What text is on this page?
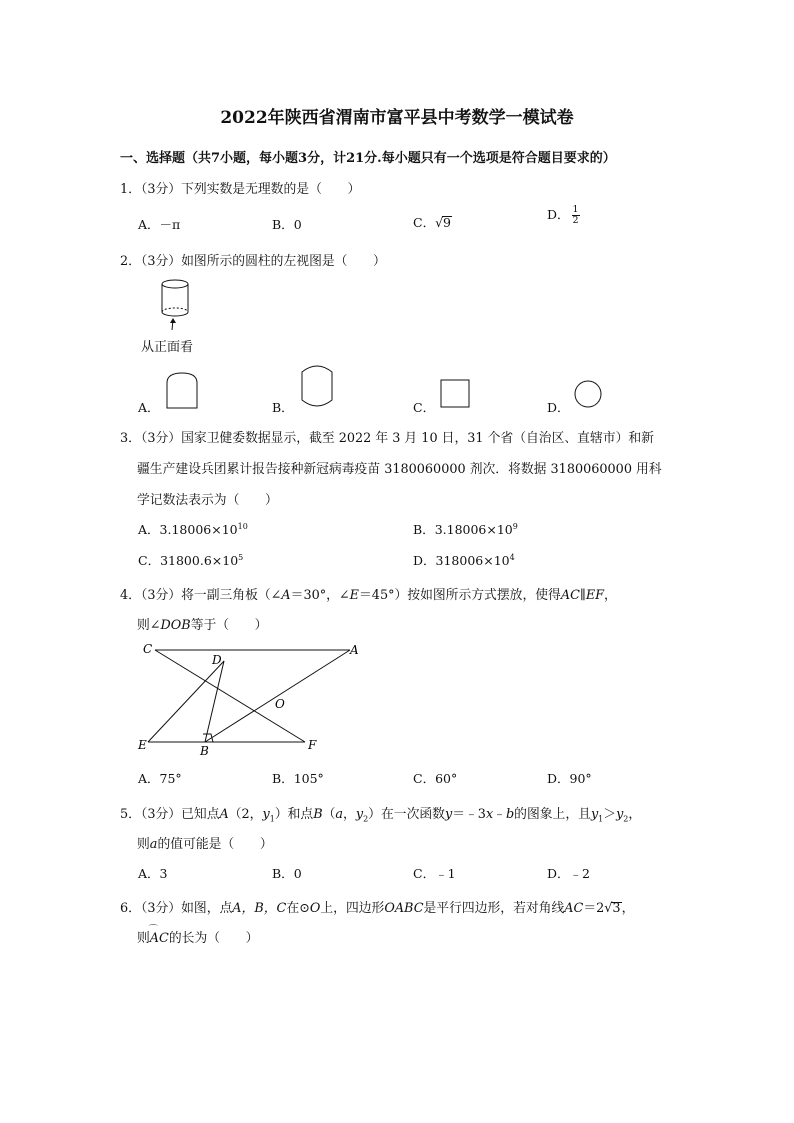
2022年陕西省渭南市富平县中考数学一模试卷
一、选择题（共7小题，每小题3分，计21分.每小题只有一个选项是符合题目要求的）
1．（3分）下列实数是无理数的是（　　）
A．－π	B．0	C．√9
D． $\frac{1}{2}$
2．（3分）如图所示的圆柱的左视图是（　　）
从正面看
A．	B．	C．	D．
3．（3分）国家卫健委数据显示，截至 2022 年 3 月 10 日，31 个省（自治区、直辖市）和新
疆生产建设兵团累计报告接种新冠病毒疫苗 3180060000 剂次．将数据 3180060000 用科
学记数法表示为（　　）
A．$3.18006\times 10^{10}$	B．$3.18006\times 10^9$
C．$31800.6\times 10^5$	D．$318006\times 10^4$
4．（3分）将一副三角板（∠A＝30°，∠E＝45°）按如图所示方式摆放，使得AC∥EF，
则∠DOB等于（　　）
C
D
A
O
E	B	F
A．75°	B．105°	C．60°	D．90°
5．（3分）已知点A（2，$y_1$）和点B（a，$y_2$）在一次函数y＝﹣3x﹣b的图象上，且$y_1>y_2$，
则a的值可能是（　　）
A．3	B．0	C．﹣1	D．﹣2
6．（3分）如图，点A，B，C在⊙O上，四边形OABC是平行四边形，若对角线AC＝2√3，
则⌒ AC的长为（　　）
